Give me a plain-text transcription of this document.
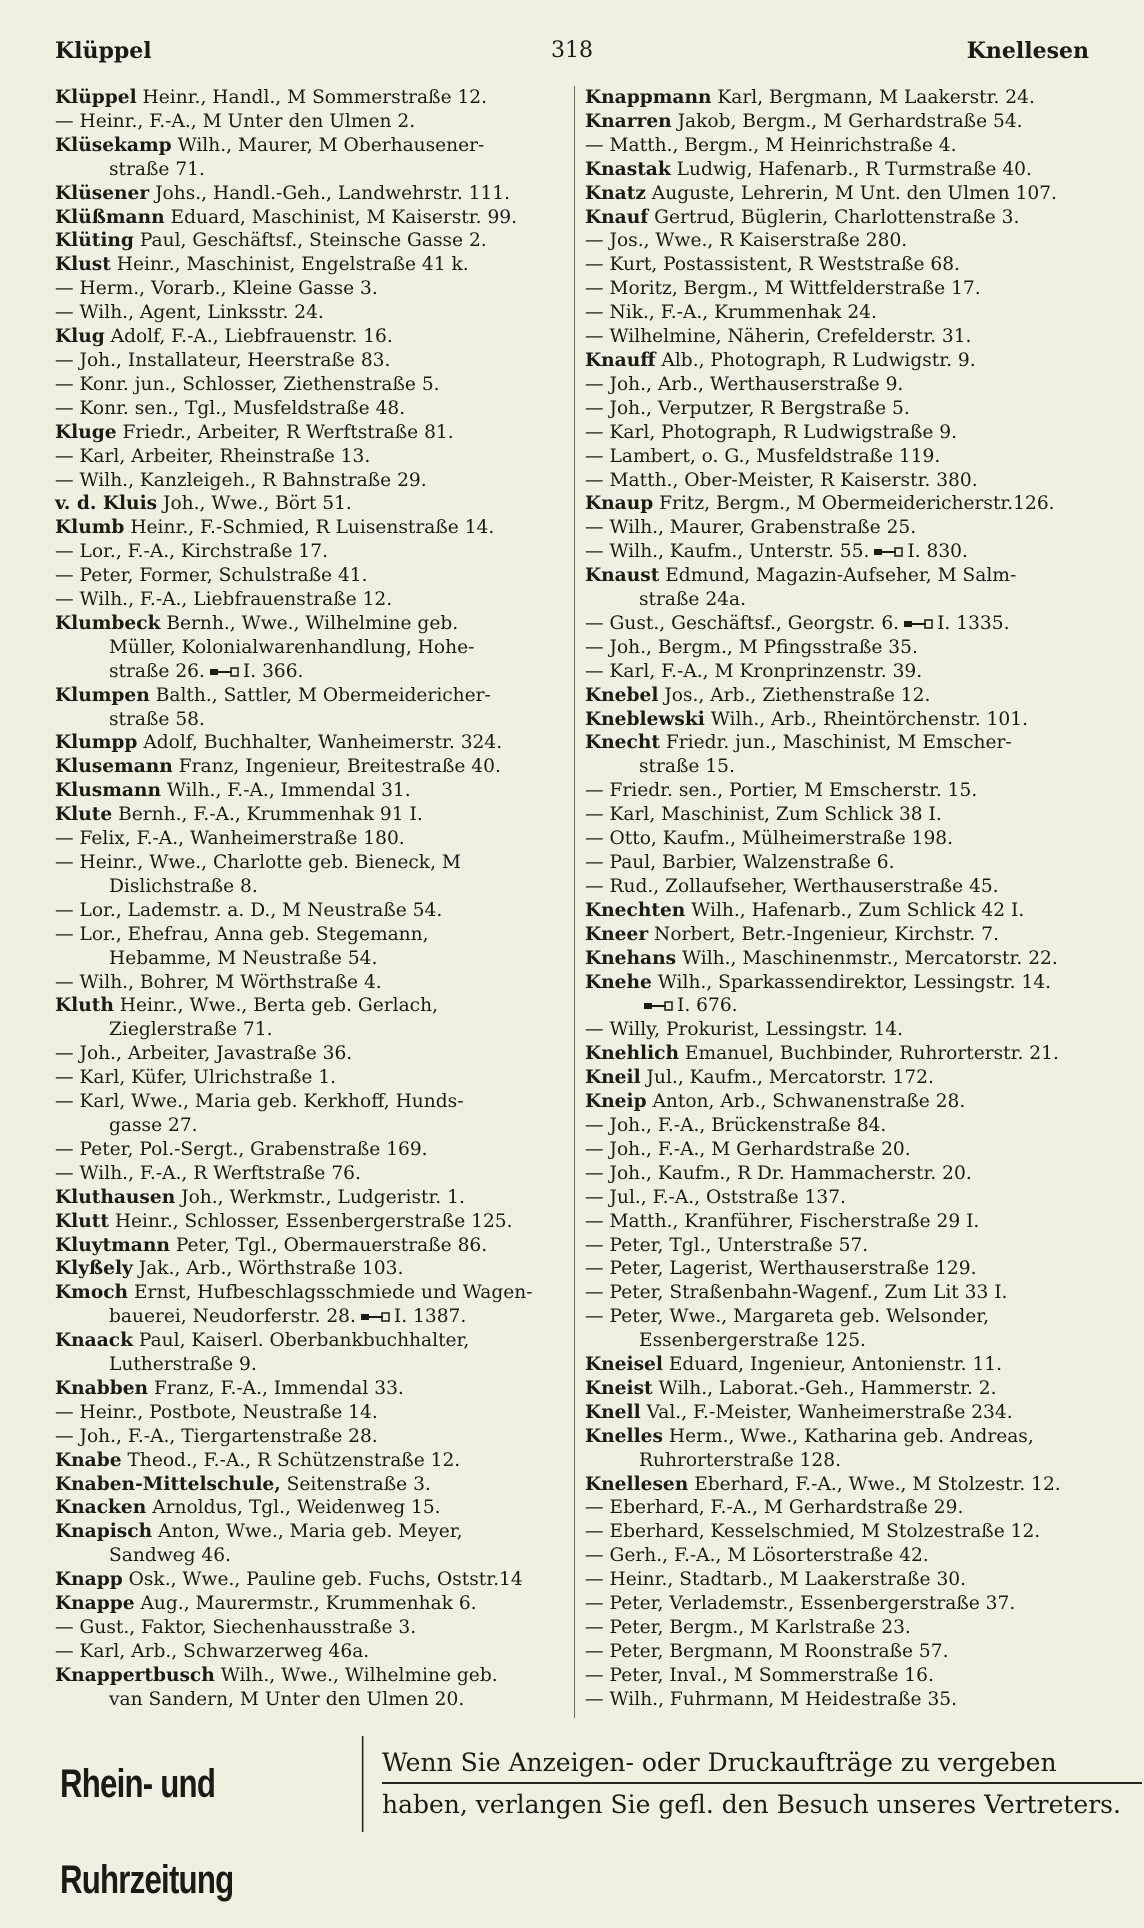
Klüppel	318	Knellesen
Klüppel Heinr., Handl., M Sommerstraße 12.
— Heinr., F.-A., M Unter den Ulmen 2.
Klüsekamp Wilh., Maurer, M Oberhausener-
straße 71.
Klüsener Johs., Handl.-Geh., Landwehrstr. 111.
Klüßmann Eduard, Maschinist, M Kaiserstr. 99.
Klüting Paul, Geschäftsf., Steinsche Gasse 2.
Klust Heinr., Maschinist, Engelstraße 41 k.
— Herm., Vorarb., Kleine Gasse 3.
— Wilh., Agent, Linksstr. 24.
Klug Adolf, F.-A., Liebfrauenstr. 16.
— Joh., Installateur, Heerstraße 83.
— Konr. jun., Schlosser, Ziethenstraße 5.
— Konr. sen., Tgl., Musfeldstraße 48.
Kluge Friedr., Arbeiter, R Werftstraße 81.
— Karl, Arbeiter, Rheinstraße 13.
— Wilh., Kanzleigeh., R Bahnstraße 29.
v. d. Kluis Joh., Wwe., Bört 51.
Klumb Heinr., F.-Schmied, R Luisenstraße 14.
— Lor., F.-A., Kirchstraße 17.
— Peter, Former, Schulstraße 41.
— Wilh., F.-A., Liebfrauenstraße 12.
Klumbeck Bernh., Wwe., Wilhelmine geb.
Müller, Kolonialwarenhandlung, Hohe-
straße 26. I. 366.
Klumpen Balth., Sattler, M Obermeidericher-
straße 58.
Klumpp Adolf, Buchhalter, Wanheimerstr. 324.
Klusemann Franz, Ingenieur, Breitestraße 40.
Klusmann Wilh., F.-A., Immendal 31.
Klute Bernh., F.-A., Krummenhak 91 I.
— Felix, F.-A., Wanheimerstraße 180.
— Heinr., Wwe., Charlotte geb. Bieneck, M
Dislichstraße 8.
— Lor., Lademstr. a. D., M Neustraße 54.
— Lor., Ehefrau, Anna geb. Stegemann,
Hebamme, M Neustraße 54.
— Wilh., Bohrer, M Wörthstraße 4.
Kluth Heinr., Wwe., Berta geb. Gerlach,
Zieglerstraße 71.
— Joh., Arbeiter, Javastraße 36.
— Karl, Küfer, Ulrichstraße 1.
— Karl, Wwe., Maria geb. Kerkhoff, Hunds-
gasse 27.
— Peter, Pol.-Sergt., Grabenstraße 169.
— Wilh., F.-A., R Werftstraße 76.
Kluthausen Joh., Werkmstr., Ludgeristr. 1.
Klutt Heinr., Schlosser, Essenbergerstraße 125.
Kluytmann Peter, Tgl., Obermauerstraße 86.
Klyßely Jak., Arb., Wörthstraße 103.
Kmoch Ernst, Hufbeschlagsschmiede und Wagen-
bauerei, Neudorferstr. 28. I. 1387.
Knaack Paul, Kaiserl. Oberbankbuchhalter,
Lutherstraße 9.
Knabben Franz, F.-A., Immendal 33.
— Heinr., Postbote, Neustraße 14.
— Joh., F.-A., Tiergartenstraße 28.
Knabe Theod., F.-A., R Schützenstraße 12.
Knaben-Mittelschule, Seitenstraße 3.
Knacken Arnoldus, Tgl., Weidenweg 15.
Knapisch Anton, Wwe., Maria geb. Meyer,
Sandweg 46.
Knapp Osk., Wwe., Pauline geb. Fuchs, Oststr.14
Knappe Aug., Maurermstr., Krummenhak 6.
— Gust., Faktor, Siechenhausstraße 3.
— Karl, Arb., Schwarzerweg 46a.
Knappertbusch Wilh., Wwe., Wilhelmine geb.
van Sandern, M Unter den Ulmen 20.
Knappmann Karl, Bergmann, M Laakerstr. 24.
Knarren Jakob, Bergm., M Gerhardstraße 54.
— Matth., Bergm., M Heinrichstraße 4.
Knastak Ludwig, Hafenarb., R Turmstraße 40.
Knatz Auguste, Lehrerin, M Unt. den Ulmen 107.
Knauf Gertrud, Büglerin, Charlottenstraße 3.
— Jos., Wwe., R Kaiserstraße 280.
— Kurt, Postassistent, R Weststraße 68.
— Moritz, Bergm., M Wittfelderstraße 17.
— Nik., F.-A., Krummenhak 24.
— Wilhelmine, Näherin, Crefelderstr. 31.
Knauff Alb., Photograph, R Ludwigstr. 9.
— Joh., Arb., Werthauserstraße 9.
— Joh., Verputzer, R Bergstraße 5.
— Karl, Photograph, R Ludwigstraße 9.
— Lambert, o. G., Musfeldstraße 119.
— Matth., Ober-Meister, R Kaiserstr. 380.
Knaup Fritz, Bergm., M Obermeidericherstr.126.
— Wilh., Maurer, Grabenstraße 25.
— Wilh., Kaufm., Unterstr. 55. I. 830.
Knaust Edmund, Magazin-Aufseher, M Salm-
straße 24a.
— Gust., Geschäftsf., Georgstr. 6. I. 1335.
— Joh., Bergm., M Pfingsstraße 35.
— Karl, F.-A., M Kronprinzenstr. 39.
Knebel Jos., Arb., Ziethenstraße 12.
Kneblewski Wilh., Arb., Rheintörchenstr. 101.
Knecht Friedr. jun., Maschinist, M Emscher-
straße 15.
— Friedr. sen., Portier, M Emscherstr. 15.
— Karl, Maschinist, Zum Schlick 38 I.
— Otto, Kaufm., Mülheimerstraße 198.
— Paul, Barbier, Walzenstraße 6.
— Rud., Zollaufseher, Werthauserstraße 45.
Knechten Wilh., Hafenarb., Zum Schlick 42 I.
Kneer Norbert, Betr.-Ingenieur, Kirchstr. 7.
Knehans Wilh., Maschinenmstr., Mercatorstr. 22.
Knehe Wilh., Sparkassendirektor, Lessingstr. 14.
I. 676.
— Willy, Prokurist, Lessingstr. 14.
Knehlich Emanuel, Buchbinder, Ruhrorterstr. 21.
Kneil Jul., Kaufm., Mercatorstr. 172.
Kneip Anton, Arb., Schwanenstraße 28.
— Joh., F.-A., Brückenstraße 84.
— Joh., F.-A., M Gerhardstraße 20.
— Joh., Kaufm., R Dr. Hammacherstr. 20.
— Jul., F.-A., Oststraße 137.
— Matth., Kranführer, Fischerstraße 29 I.
— Peter, Tgl., Unterstraße 57.
— Peter, Lagerist, Werthauserstraße 129.
— Peter, Straßenbahn-Wagenf., Zum Lit 33 I.
— Peter, Wwe., Margareta geb. Welsonder,
Essenbergerstraße 125.
Kneisel Eduard, Ingenieur, Antonienstr. 11.
Kneist Wilh., Laborat.-Geh., Hammerstr. 2.
Knell Val., F.-Meister, Wanheimerstraße 234.
Knelles Herm., Wwe., Katharina geb. Andreas,
Ruhrorterstraße 128.
Knellesen Eberhard, F.-A., Wwe., M Stolzestr. 12.
— Eberhard, F.-A., M Gerhardstraße 29.
— Eberhard, Kesselschmied, M Stolzestraße 12.
— Gerh., F.-A., M Lösorterstraße 42.
— Heinr., Stadtarb., M Laakerstraße 30.
— Peter, Verlademstr., Essenbergerstraße 37.
— Peter, Bergm., M Karlstraße 23.
— Peter, Bergmann, M Roonstraße 57.
— Peter, Inval., M Sommerstraße 16.
— Wilh., Fuhrmann, M Heidestraße 35.
Rhein- und Ruhrzeitung
Wenn Sie Anzeigen- oder Druckaufträge zu vergeben
haben, verlangen Sie gefl. den Besuch unseres Vertreters.
